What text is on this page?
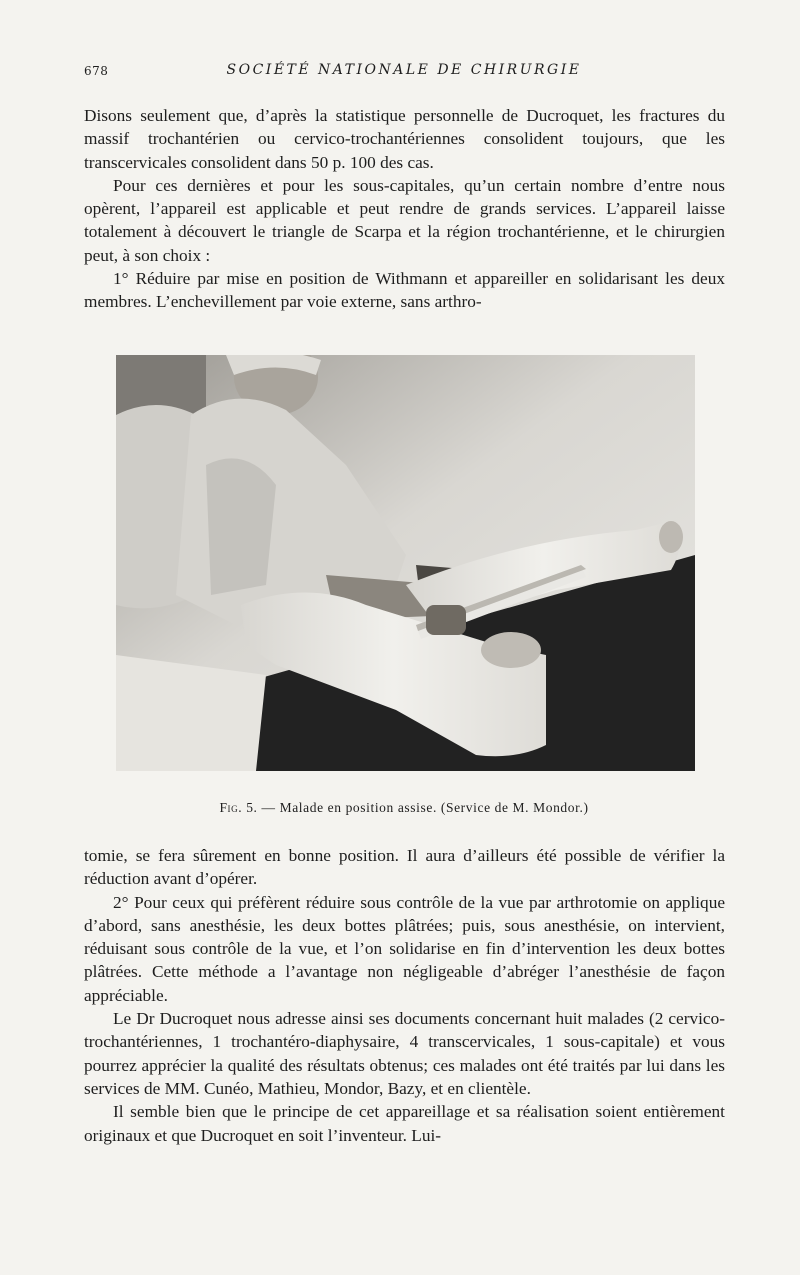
678	SOCIÉTÉ NATIONALE DE CHIRURGIE

Disons seulement que, d’après la statistique personnelle de Ducroquet, les fractures du massif trochantérien ou cervico-trochantériennes consolident toujours, que les transcervicales consolident dans 50 p. 100 des cas.

Pour ces dernières et pour les sous-capitales, qu’un certain nombre d’entre nous opèrent, l’appareil est applicable et peut rendre de grands services. L’appareil laisse totalement à découvert le triangle de Scarpa et la région trochantérienne, et le chirurgien peut, à son choix :

1° Réduire par mise en position de Withmann et appareiller en solidarisant les deux membres. L’enchevillement par voie externe, sans arthro-

Fig. 5. — Malade en position assise. (Service de M. Mondor.)

tomie, se fera sûrement en bonne position. Il aura d’ailleurs été possible de vérifier la réduction avant d’opérer.

2° Pour ceux qui préfèrent réduire sous contrôle de la vue par arthrotomie on applique d’abord, sans anesthésie, les deux bottes plâtrées; puis, sous anesthésie, on intervient, réduisant sous contrôle de la vue, et l’on solidarise en fin d’intervention les deux bottes plâtrées. Cette méthode a l’avantage non négligeable d’abréger l’anesthésie de façon appréciable.

Le Dr Ducroquet nous adresse ainsi ses documents concernant huit malades (2 cervico-trochantériennes, 1 trochantéro-diaphysaire, 4 transcervicales, 1 sous-capitale) et vous pourrez apprécier la qualité des résultats obtenus; ces malades ont été traités par lui dans les services de MM. Cunéo, Mathieu, Mondor, Bazy, et en clientèle.

Il semble bien que le principe de cet appareillage et sa réalisation soient entièrement originaux et que Ducroquet en soit l’inventeur. Lui-
